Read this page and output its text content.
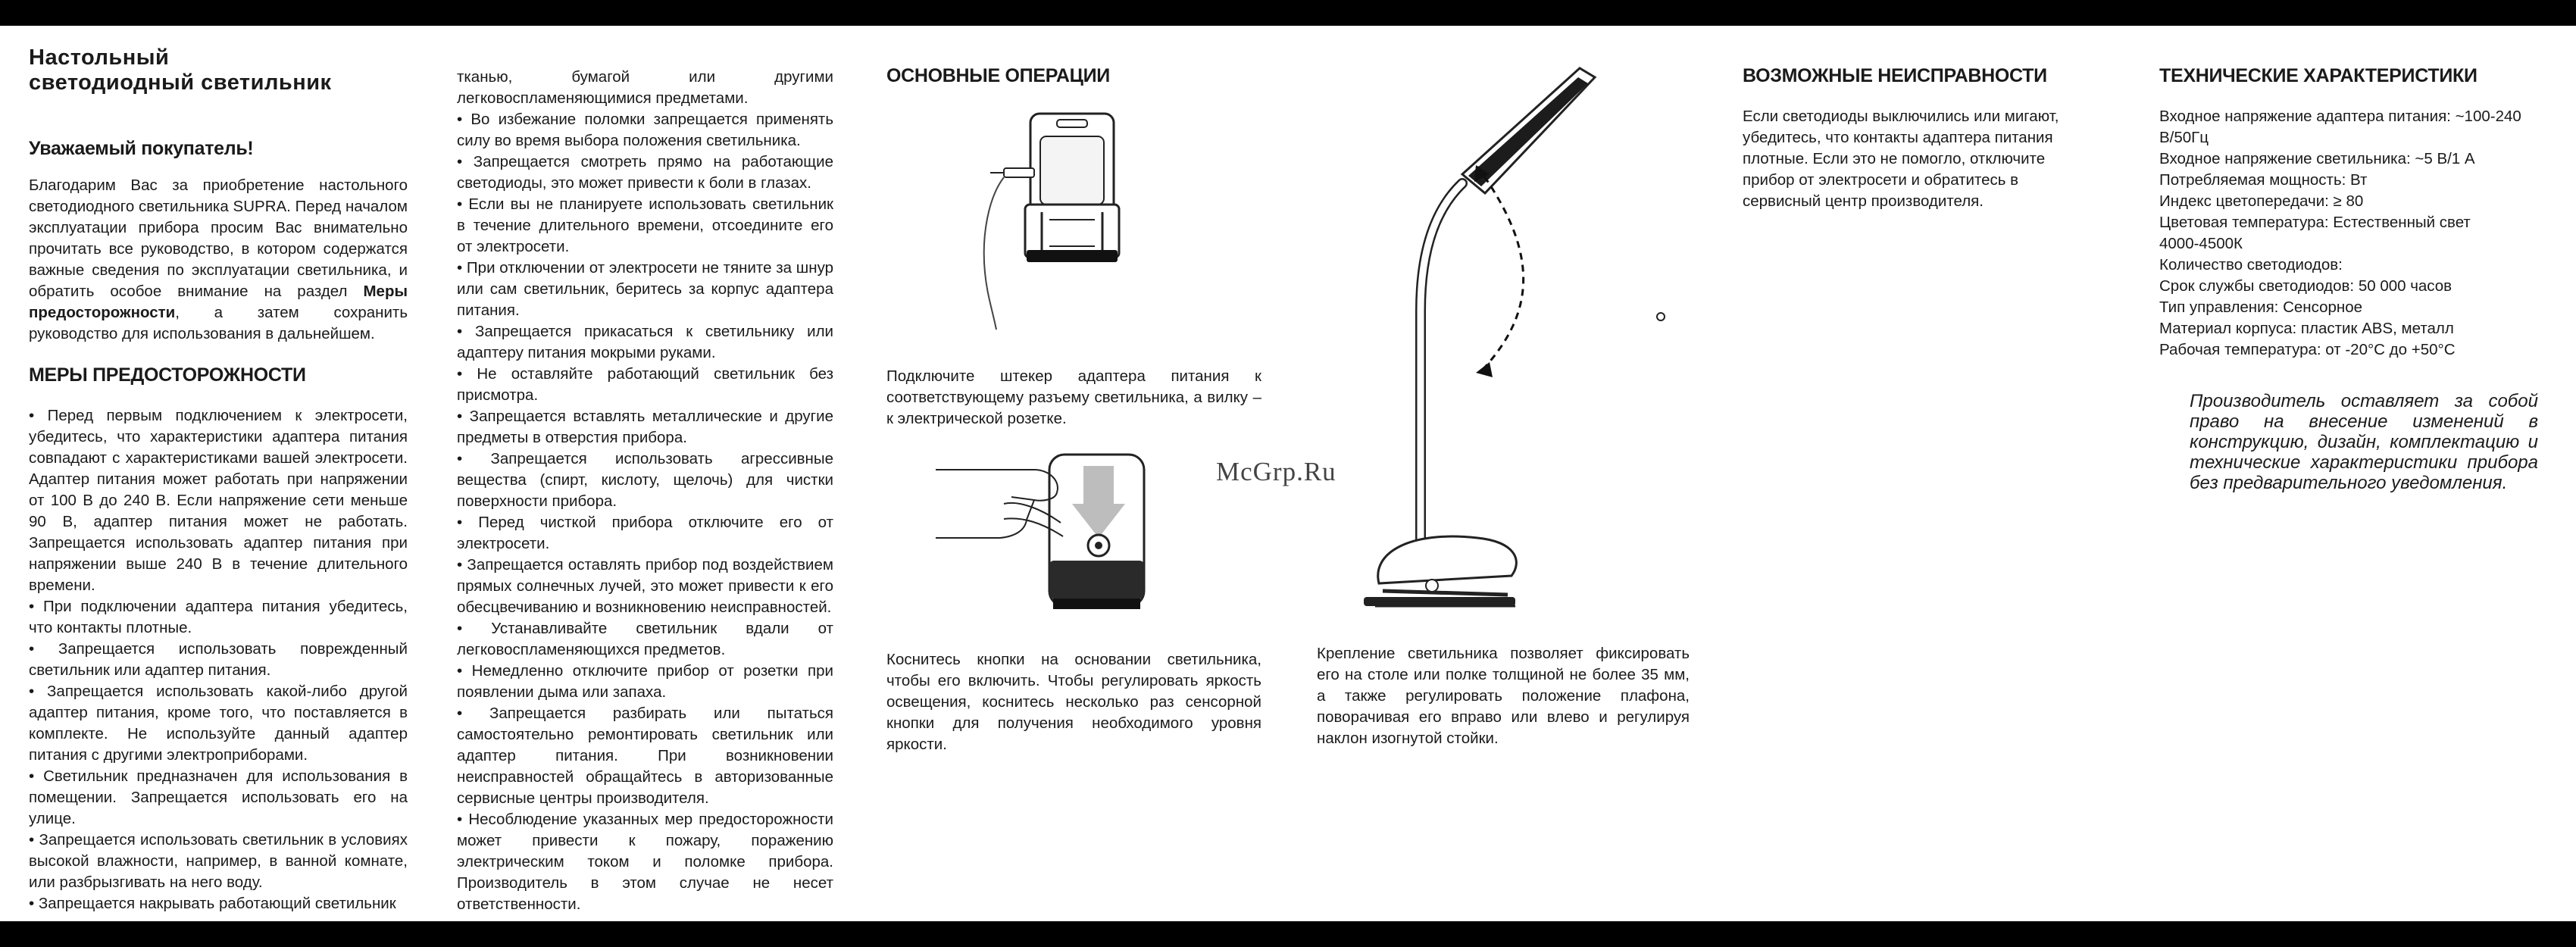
Настольный

светодиодный светильник

Уважаемый покупатель!

Благодарим Вас за приобретение настольного светодиодного светильника SUPRA. Перед началом эксплуатации прибора просим Вас внимательно прочитать все руководство, в котором содержатся важные сведения по эксплуатации светильника, и обратить особое внимание на раздел Меры предосторожности, а затем сохранить руководство для использования в дальнейшем.

МЕРЫ ПРЕДОСТОРОЖНОСТИ

• Перед первым подключением к электросети, убедитесь, что характеристики адаптера питания совпадают с характеристиками вашей электросети. Адаптер питания может работать при напряжении от 100 В до 240 В. Если напряжение сети меньше 90 В, адаптер питания может не работать. Запрещается использовать адаптер питания при напряжении выше 240 В в течение длительного времени.

• При подключении адаптера питания убедитесь, что контакты плотные.

• Запрещается использовать поврежденный светильник или адаптер питания.

• Запрещается использовать какой-либо другой адаптер питания, кроме того, что поставляется в комплекте. Не используйте данный адаптер питания с другими электроприборами.

• Светильник предназначен для использования в помещении. Запрещается использовать его на улице.

• Запрещается использовать светильник в условиях высокой влажности, например, в ванной комнате, или разбрызгивать на него воду.

• Запрещается накрывать работающий светильник

тканью, бумагой или другими легковоспламеняющимися предметами.

• Во избежание поломки запрещается применять силу во время выбора положения светильника.

• Запрещается смотреть прямо на работающие светодиоды, это может привести к боли в глазах.

• Если вы не планируете использовать светильник в течение длительного времени, отсоедините его от электросети.

• При отключении от электросети не тяните за шнур или сам светильник, беритесь за корпус адаптера питания.

• Запрещается прикасаться к светильнику или адаптеру питания мокрыми руками.

• Не оставляйте работающий светильник без присмотра.

• Запрещается вставлять металлические и другие предметы в отверстия прибора.

• Запрещается использовать агрессивные вещества (спирт, кислоту, щелочь) для чистки поверхности прибора.

• Перед чисткой прибора отключите его от электросети.

• Запрещается оставлять прибор под воздействием прямых солнечных лучей, это может привести к его обесцвечиванию и возникновению неисправностей.

• Устанавливайте светильник вдали от легковоспламеняющихся предметов.

• Немедленно отключите прибор от розетки при появлении дыма или запаха.

• Запрещается разбирать или пытаться самостоятельно ремонтировать светильник или адаптер питания. При возникновении неисправностей обращайтесь в авторизованные сервисные центры производителя.

• Несоблюдение указанных мер предосторожности может привести к пожару, поражению электрическим током и поломке прибора. Производитель в этом случае не несет ответственности.

ОСНОВНЫЕ ОПЕРАЦИИ

Подключите штекер адаптера питания к соответствующему разъему светильника, а вилку – к электрической розетке.

Коснитесь кнопки на основании светильника, чтобы его включить. Чтобы регулировать яркость освещения, коснитесь несколько раз сенсорной кнопки для получения необходимого уровня яркости.

Крепление светильника позволяет фиксировать его на столе или полке толщиной не более 35 мм, а также регулировать положение плафона, поворачивая его вправо или влево и регулируя наклон изогнутой стойки.

ВОЗМОЖНЫЕ НЕИСПРАВНОСТИ

Если светодиоды выключились или мигают, убедитесь, что контакты адаптера питания плотные. Если это не помогло, отключите прибор от электросети и обратитесь в сервисный центр производителя.

ТЕХНИЧЕСКИЕ ХАРАКТЕРИСТИКИ

Входное напряжение адаптера питания: ~100-240 В/50Гц

Входное напряжение светильника: ~5 В/1 А

Потребляемая мощность: Вт

Индекс цветопередачи: ≥ 80

Цветовая температура: Естественный свет

4000-4500К

Количество светодиодов:

Срок службы светодиодов: 50 000 часов

Тип управления: Сенсорное

Материал корпуса: пластик ABS, металл

Рабочая температура: от -20°С до +50°С

Производитель оставляет за собой право на внесение изменений в конструкцию, дизайн, комплектацию и технические характеристики прибора без предварительного уведомления.

McGrp.Ru
